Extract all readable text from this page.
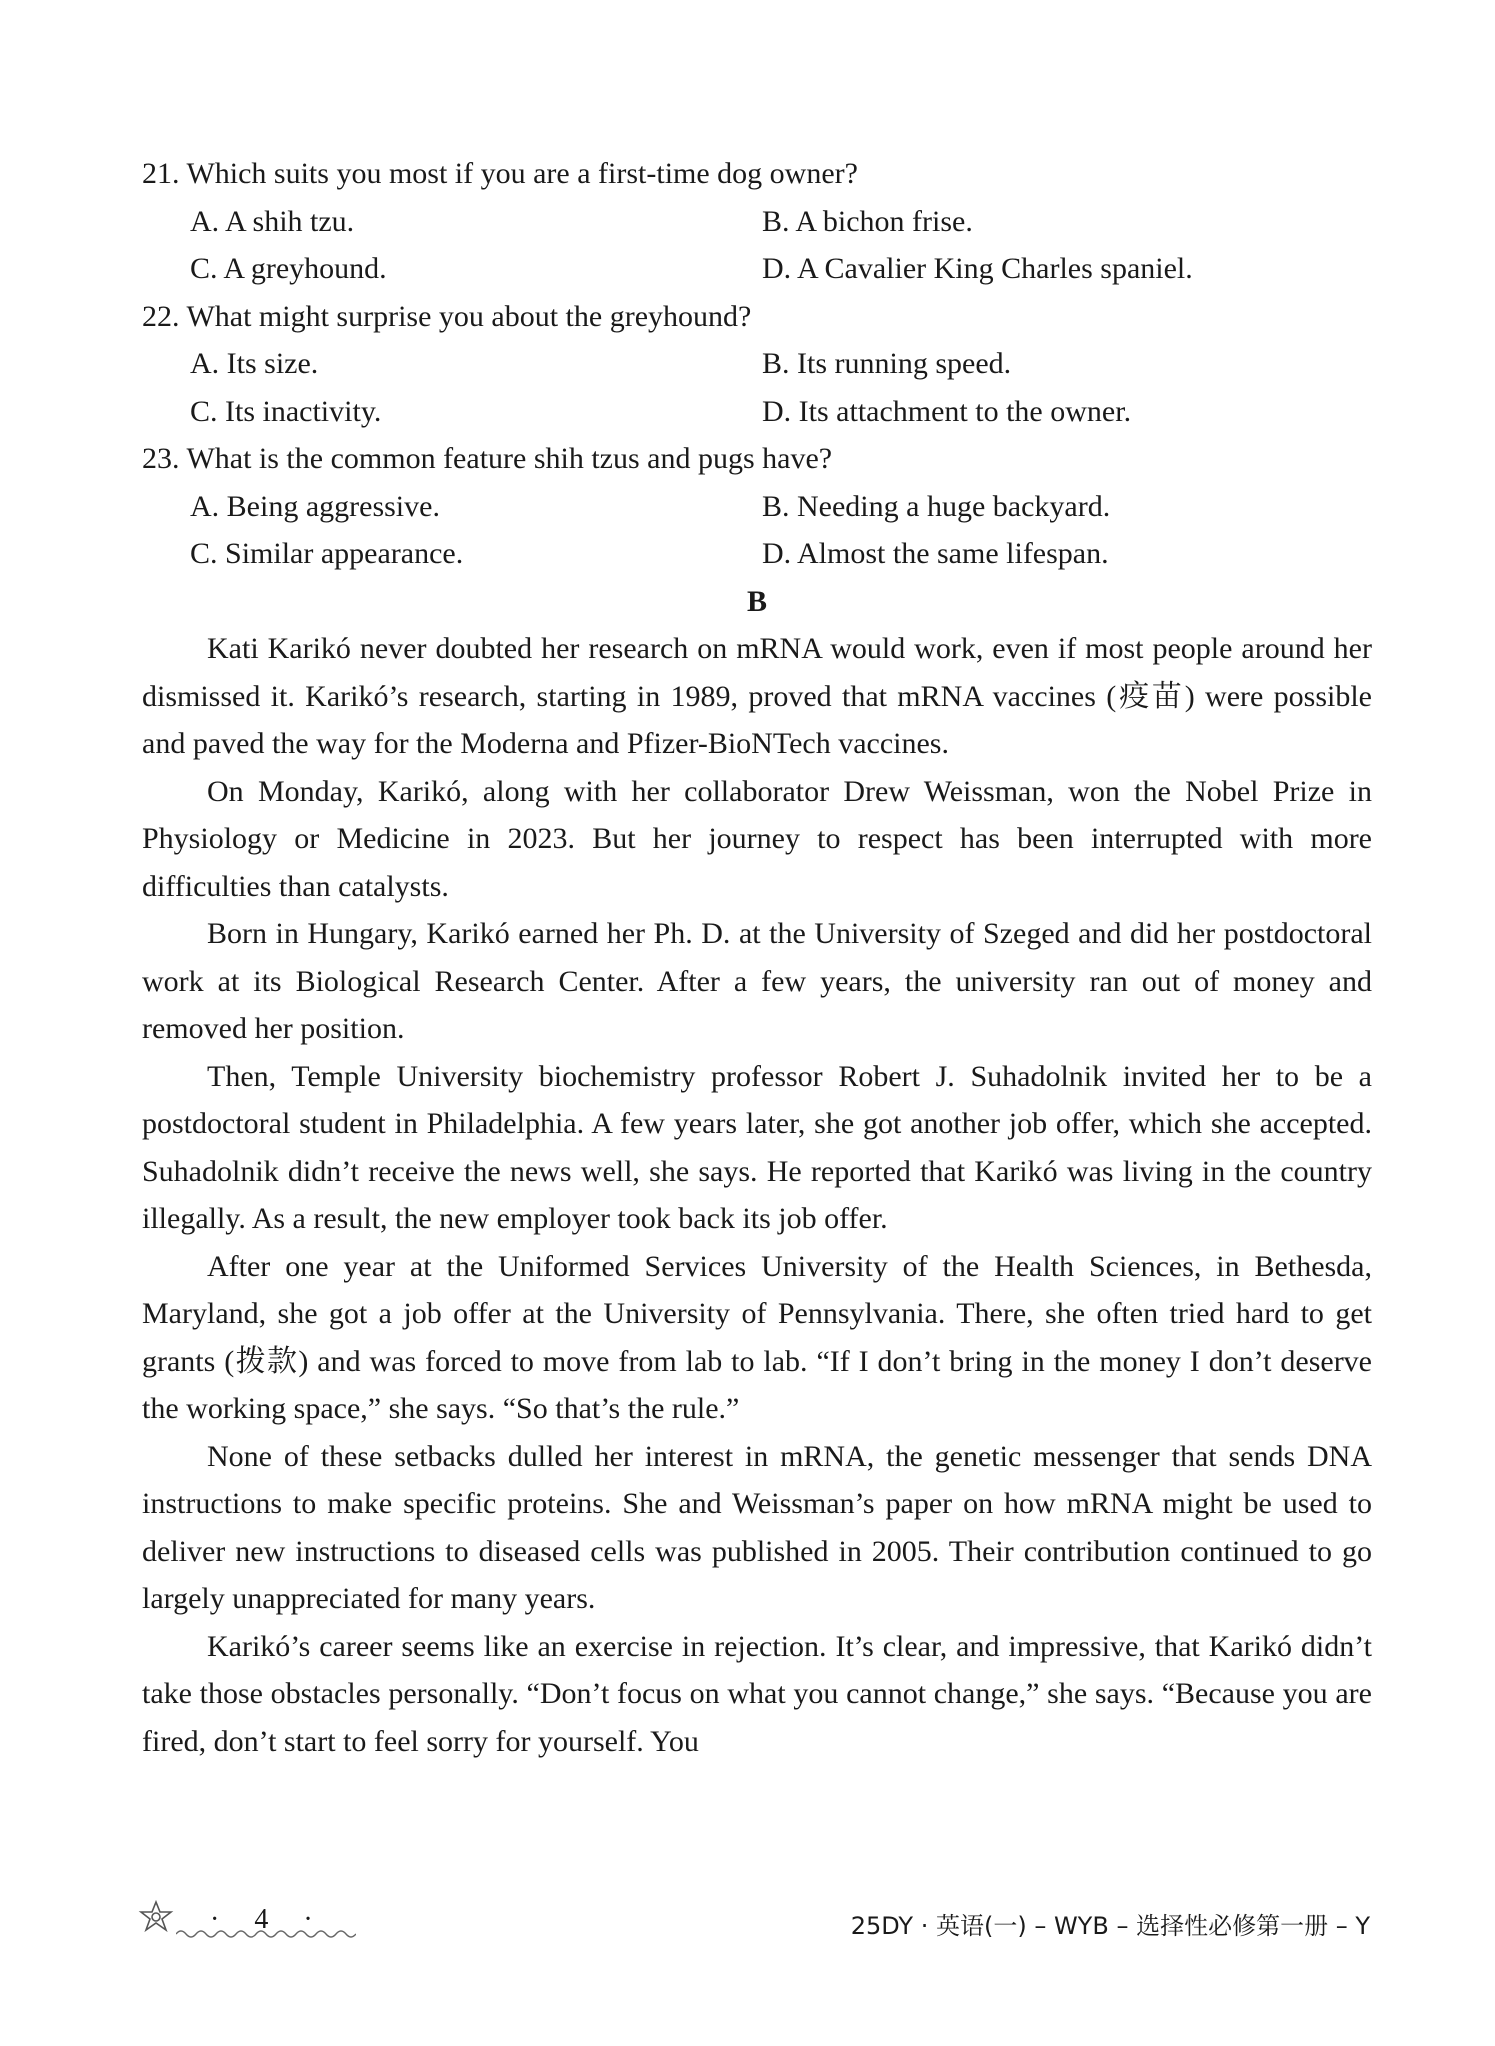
21. Which suits you most if you are a first-time dog owner?
A. A shih tzu.	B. A bichon frise.
C. A greyhound.	D. A Cavalier King Charles spaniel.
22. What might surprise you about the greyhound?
A. Its size.	B. Its running speed.
C. Its inactivity.	D. Its attachment to the owner.
23. What is the common feature shih tzus and pugs have?
A. Being aggressive.	B. Needing a huge backyard.
C. Similar appearance.	D. Almost the same lifespan.
B

Kati Karikó never doubted her research on mRNA would work, even if most people around her dismissed it. Karikó’s research, starting in 1989, proved that mRNA vaccines (疫苗) were possible and paved the way for the Moderna and Pfizer-BioNTech vaccines.

On Monday, Karikó, along with her collaborator Drew Weissman, won the Nobel Prize in Physiology or Medicine in 2023. But her journey to respect has been interrupted with more difficulties than catalysts.

Born in Hungary, Karikó earned her Ph. D. at the University of Szeged and did her postdoctoral work at its Biological Research Center. After a few years, the university ran out of money and removed her position.

Then, Temple University biochemistry professor Robert J. Suhadolnik invited her to be a postdoctoral student in Philadelphia. A few years later, she got another job offer, which she accepted. Suhadolnik didn’t receive the news well, she says. He reported that Karikó was living in the country illegally. As a result, the new employer took back its job offer.

After one year at the Uniformed Services University of the Health Sciences, in Bethesda, Maryland, she got a job offer at the University of Pennsylvania. There, she often tried hard to get grants (拨款) and was forced to move from lab to lab. “If I don’t bring in the money I don’t deserve the working space,” she says. “So that’s the rule.”

None of these setbacks dulled her interest in mRNA, the genetic messenger that sends DNA instructions to make specific proteins. She and Weissman’s paper on how mRNA might be used to deliver new instructions to diseased cells was published in 2005. Their contribution continued to go largely unappreciated for many years.

Karikó’s career seems like an exercise in rejection. It’s clear, and impressive, that Karikó didn’t take those obstacles personally. “Don’t focus on what you cannot change,” she says. “Because you are fired, don’t start to feel sorry for yourself. You

· 4 ·	25DY · 英语(一) – WYB – 选择性必修第一册 – Y
